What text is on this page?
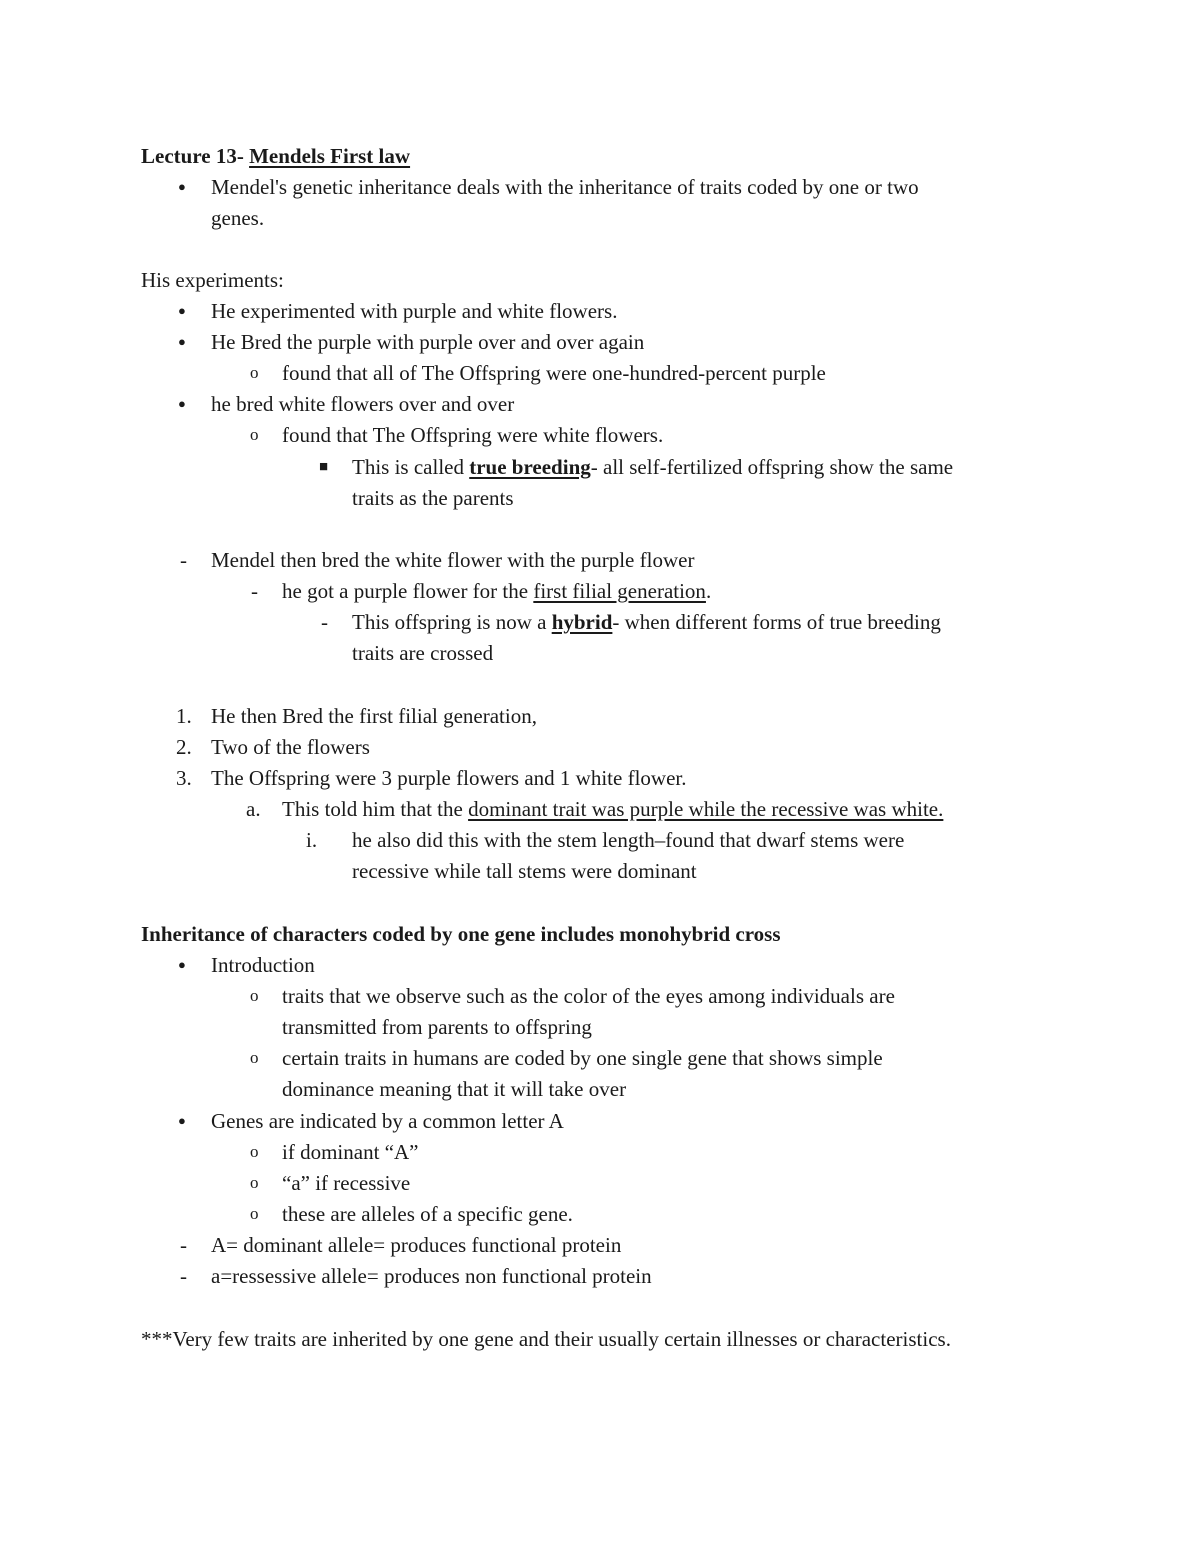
Lecture 13- Mendels First law
● Mendel's genetic inheritance deals with the inheritance of traits coded by one or two
genes.
His experiments:
● He experimented with purple and white flowers.
● He Bred the purple with purple over and over again
o found that all of The Offspring were one-hundred-percent purple
● he bred white flowers over and over
o found that The Offspring were white flowers.
■ This is called true breeding- all self-fertilized offspring show the same
traits as the parents
- Mendel then bred the white flower with the purple flower
- he got a purple flower for the first filial generation.
- This offspring is now a hybrid- when different forms of true breeding
traits are crossed
1. He then Bred the first filial generation,
2. Two of the flowers
3. The Offspring were 3 purple flowers and 1 white flower.
a. This told him that the dominant trait was purple while the recessive was white.
i. he also did this with the stem length–found that dwarf stems were
recessive while tall stems were dominant
Inheritance of characters coded by one gene includes monohybrid cross
● Introduction
o traits that we observe such as the color of the eyes among individuals are
transmitted from parents to offspring
o certain traits in humans are coded by one single gene that shows simple
dominance meaning that it will take over
● Genes are indicated by a common letter A
o if dominant “A”
o “a” if recessive
o these are alleles of a specific gene.
- A= dominant allele= produces functional protein
- a=ressessive allele= produces non functional protein
***Very few traits are inherited by one gene and their usually certain illnesses or characteristics.
